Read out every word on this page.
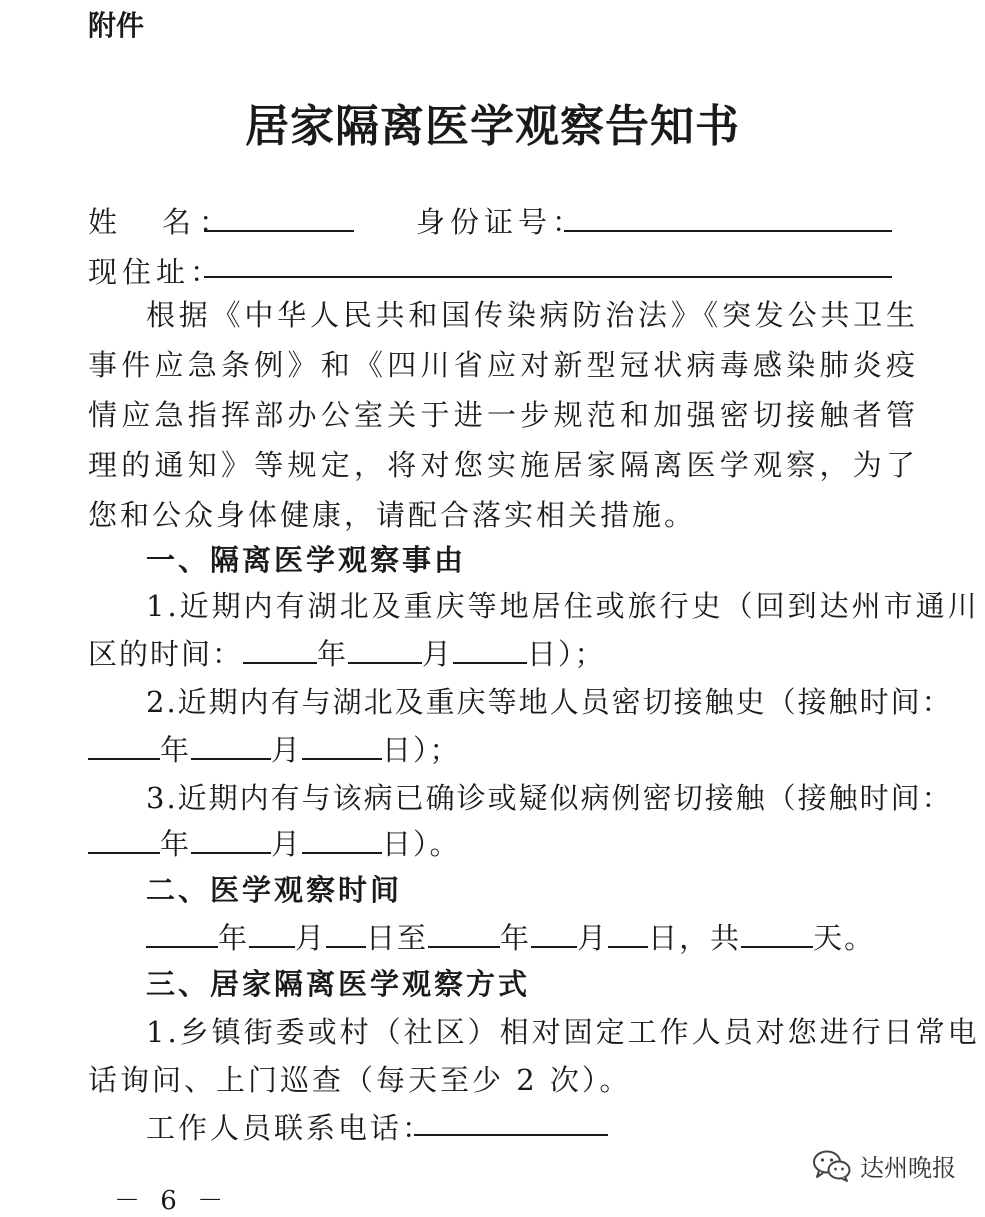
附件
居家隔离医学观察告知书
姓　名：	身份证号：
现住址：
根据《中华人民共和国传染病防治法》《突发公共卫生事件应急条例》和《四川省应对新型冠状病毒感染肺炎疫情应急指挥部办公室关于进一步规范和加强密切接触者管理的通知》等规定，将对您实施居家隔离医学观察，为了您和公众身体健康，请配合落实相关措施。
一、隔离医学观察事由
1.近期内有湖北及重庆等地居住或旅行史（回到达州市通川
区的时间：	年	月	日）；
2.近期内有与湖北及重庆等地人员密切接触史（接触时间：
年	月	日）；
3.近期内有与该病已确诊或疑似病例密切接触（接触时间：
年	月	日）。
二、医学观察时间
年 月 日至 年 月 日，共 天。
三、居家隔离医学观察方式
1.乡镇街委或村（社区）相对固定工作人员对您进行日常电
话询问、上门巡查（每天至少 2 次）。
工作人员联系电话：
－ 6 －
达州晚报
